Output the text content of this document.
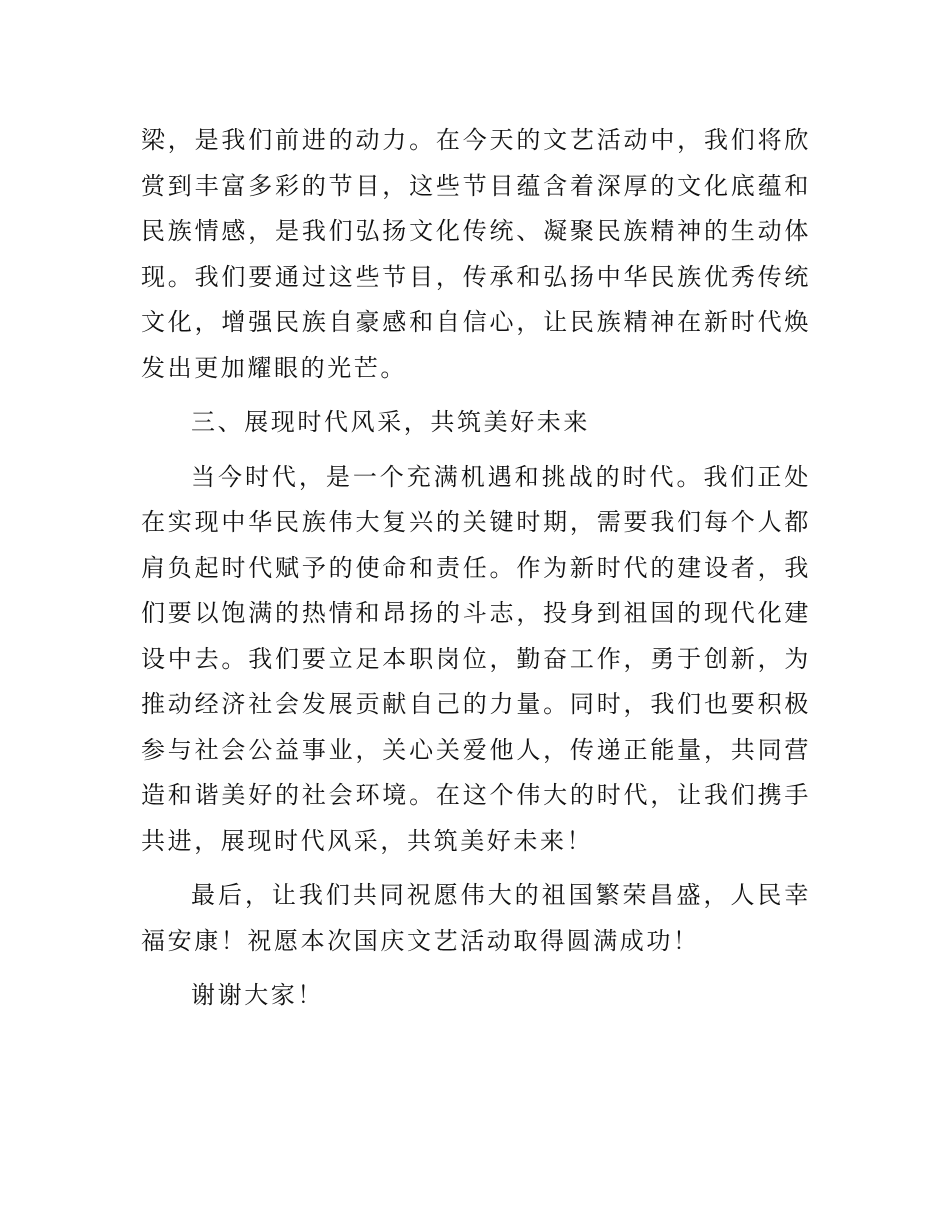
梁，是我们前进的动力。在今天的文艺活动中，我们将欣赏到丰富多彩的节目，这些节目蕴含着深厚的文化底蕴和民族情感，是我们弘扬文化传统、凝聚民族精神的生动体现。我们要通过这些节目，传承和弘扬中华民族优秀传统文化，增强民族自豪感和自信心，让民族精神在新时代焕发出更加耀眼的光芒。

三、展现时代风采，共筑美好未来

当今时代，是一个充满机遇和挑战的时代。我们正处在实现中华民族伟大复兴的关键时期，需要我们每个人都肩负起时代赋予的使命和责任。作为新时代的建设者，我们要以饱满的热情和昂扬的斗志，投身到祖国的现代化建设中去。我们要立足本职岗位，勤奋工作，勇于创新，为推动经济社会发展贡献自己的力量。同时，我们也要积极参与社会公益事业，关心关爱他人，传递正能量，共同营造和谐美好的社会环境。在这个伟大的时代，让我们携手共进，展现时代风采，共筑美好未来！

最后，让我们共同祝愿伟大的祖国繁荣昌盛，人民幸福安康！祝愿本次国庆文艺活动取得圆满成功！

谢谢大家！
